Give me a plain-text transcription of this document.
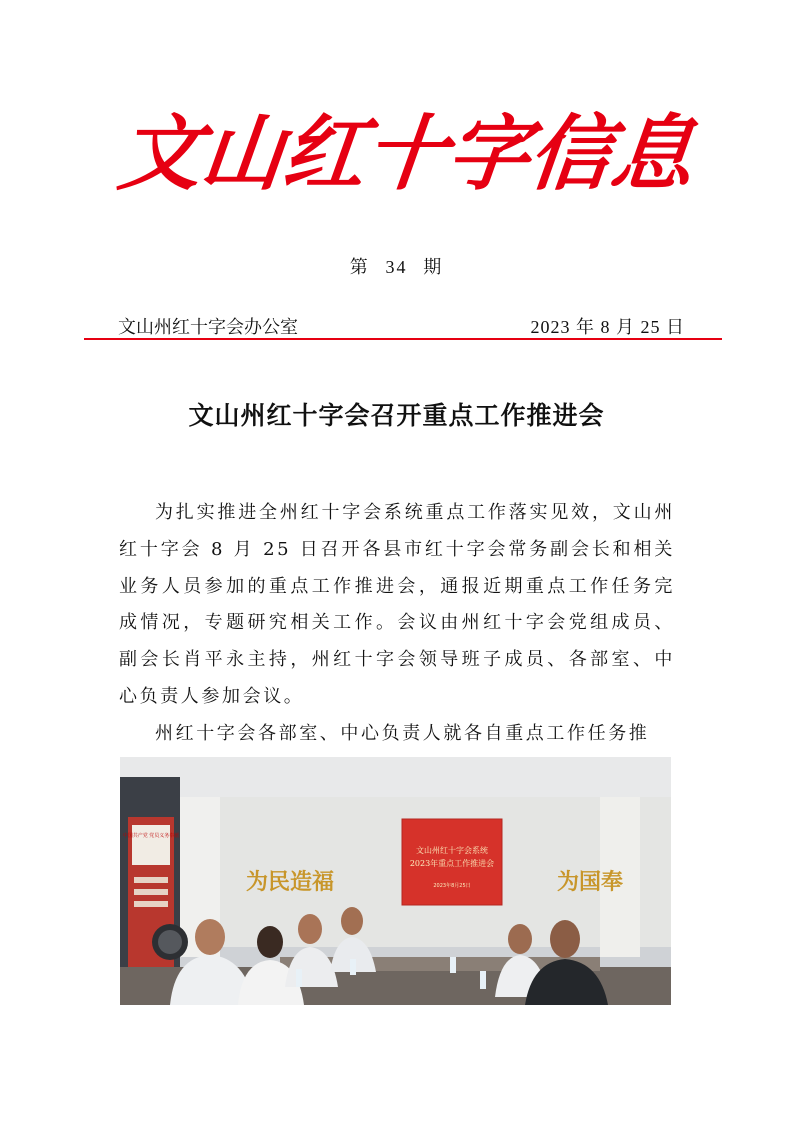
文
山
红
十
字
信
息
第 34 期
文山州红十字会办公室	2023 年 8 月 25 日
文山州红十字会召开重点工作推进会

为扎实推进全州红十字会系统重点工作落实见效，文山州红十字会 8 月 25 日召开各县市红十字会常务副会长和相关业务人员参加的重点工作推进会，通报近期重点工作任务完成情况，专题研究相关工作。会议由州红十字会党组成员、副会长肖平永主持，州红十字会领导班子成员、各部室、中心负责人参加会议。

州红十字会各部室、中心负责人就各自重点工作任务推

中国共产党 党员义务奉献
文山州红十字会系统
2023年重点工作推进会
2023年8月25日
为民造福	为国奉
